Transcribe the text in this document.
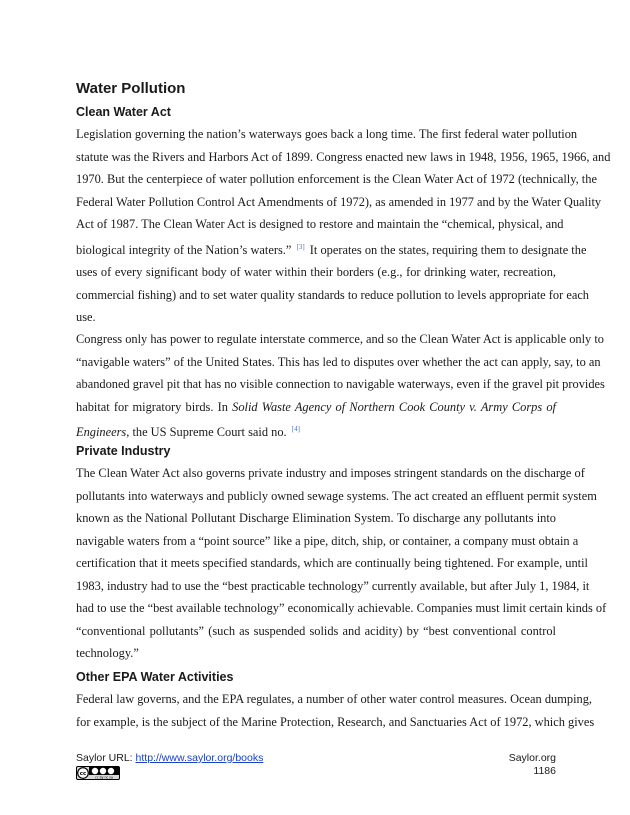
Water Pollution
Clean Water Act

Legislation governing the nation’s waterways goes back a long time. The first federal water pollution
statute was the Rivers and Harbors Act of 1899. Congress enacted new laws in 1948, 1956, 1965, 1966, and
1970. But the centerpiece of water pollution enforcement is the Clean Water Act of 1972 (technically, the
Federal Water Pollution Control Act Amendments of 1972), as amended in 1977 and by the Water Quality
Act of 1987. The Clean Water Act is designed to restore and maintain the “chemical, physical, and
biological integrity of the Nation’s waters.” [3] It operates on the states, requiring them to designate the
uses of every significant body of water within their borders (e.g., for drinking water, recreation,
commercial fishing) and to set water quality standards to reduce pollution to levels appropriate for each
use.

Congress only has power to regulate interstate commerce, and so the Clean Water Act is applicable only to
“navigable waters” of the United States. This has led to disputes over whether the act can apply, say, to an
abandoned gravel pit that has no visible connection to navigable waterways, even if the gravel pit provides
habitat for migratory birds. In Solid Waste Agency of Northern Cook County v. Army Corps of
Engineers, the US Supreme Court said no. [4]

Private Industry

The Clean Water Act also governs private industry and imposes stringent standards on the discharge of
pollutants into waterways and publicly owned sewage systems. The act created an effluent permit system
known as the National Pollutant Discharge Elimination System. To discharge any pollutants into
navigable waters from a “point source” like a pipe, ditch, ship, or container, a company must obtain a
certification that it meets specified standards, which are continually being tightened. For example, until
1983, industry had to use the “best practicable technology” currently available, but after July 1, 1984, it
had to use the “best available technology” economically achievable. Companies must limit certain kinds of
“conventional pollutants” (such as suspended solids and acidity) by “best conventional control
technology.”

Other EPA Water Activities

Federal law governs, and the EPA regulates, a number of other water control measures. Ocean dumping,
for example, is the subject of the Marine Protection, Research, and Sanctuaries Act of 1972, which gives

Saylor URL: http://www.saylor.org/books	Saylor.org
1186
cc
cc by nc sa
